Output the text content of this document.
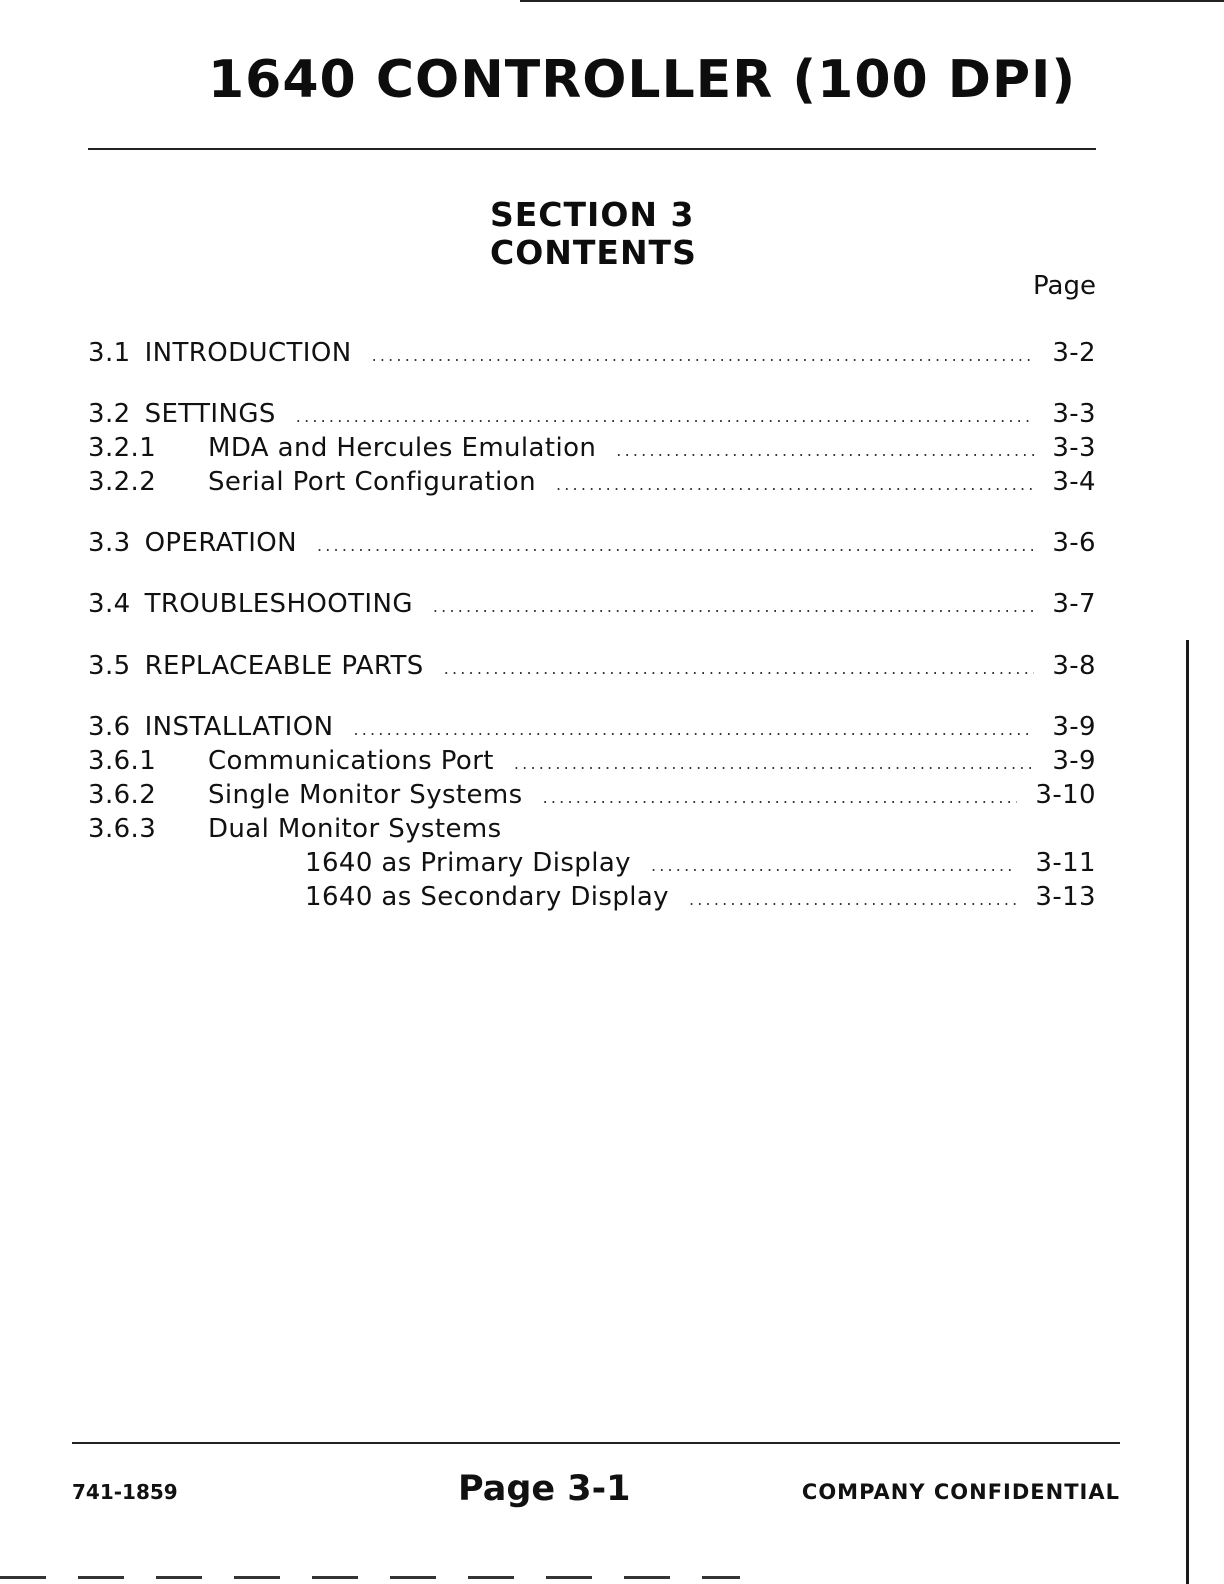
1640 CONTROLLER (100 DPI)
SECTION 3
CONTENTS
Page
3.1 INTRODUCTION .....	3-2
3.2 SETTINGS .....	3-3
3.2.1	MDA and Hercules Emulation .....	3-3
3.2.2	Serial Port Configuration .....	3-4
3.3 OPERATION .....	3-6
3.4 TROUBLESHOOTING .....	3-7
3.5 REPLACEABLE PARTS .....	3-8
3.6 INSTALLATION .....	3-9
3.6.1	Communications Port .....	3-9
3.6.2	Single Monitor Systems .....	3-10
3.6.3	Dual Monitor Systems
1640 as Primary Display .....	3-11
1640 as Secondary Display .....	3-13
741-1859	Page 3-1	COMPANY CONFIDENTIAL
